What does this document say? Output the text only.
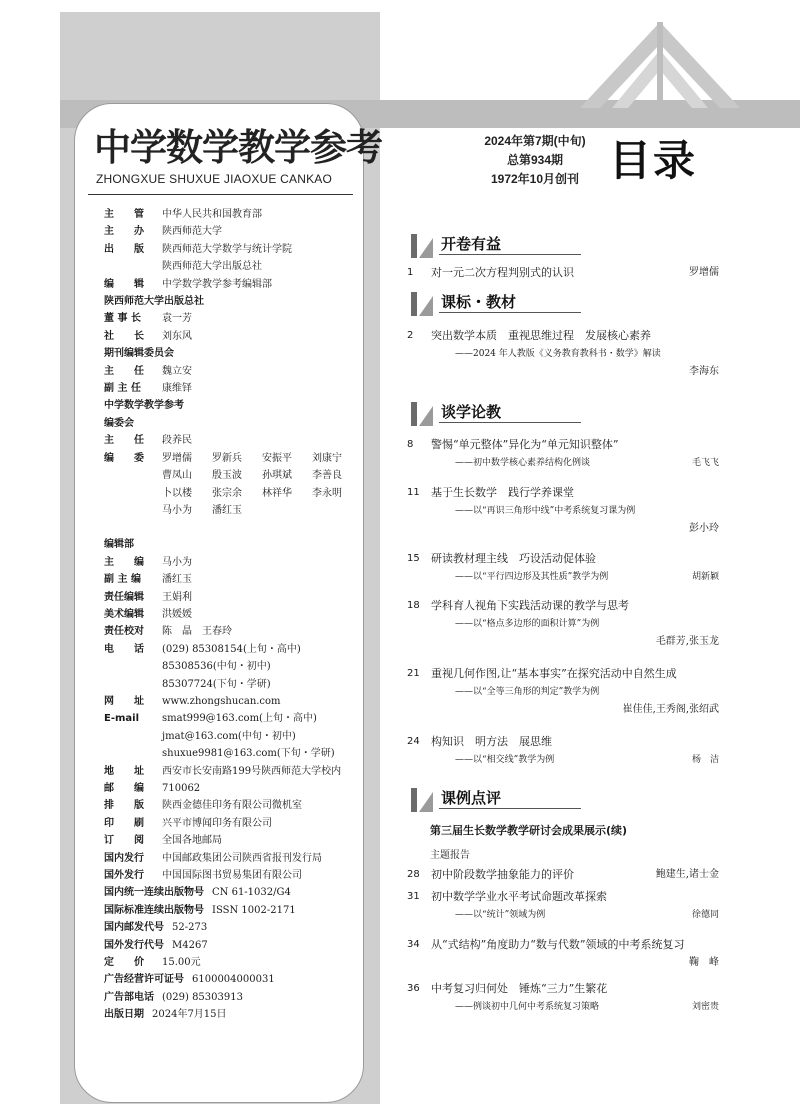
中学数学教学参考
ZHONGXUE SHUXUE JIAOXUE CANKAO
2024年第7期(中旬)
总第934期
1972年10月创刊 目录
主　　管	中华人民共和国教育部
主　　办	陕西师范大学
出　　版	陕西师范大学数学与统计学院
陕西师范大学出版总社
编　　辑	中学数学教学参考编辑部
陕西师范大学出版总社
董 事 长	袁一芳
社　　长	刘东风
期刊编辑委员会
主　　任	魏立安
副 主 任	康维铎
中学数学教学参考
编委会
主　　任	段养民
编　　委	罗增儒	罗新兵	安振平	刘康宁
曹凤山	殷玉波	孙琪斌	李善良
卜以楼	张宗余	林祥华	李永明
马小为	潘红玉
编辑部
主　　编	马小为
副 主 编	潘红玉
责任编辑	王娟利
美术编辑	洪媛媛
责任校对	陈　晶　王春玲
电　　话	(029) 85308154(上旬・高中)
85308536(中旬・初中)
85307724(下旬・学研)
网　　址	www.zhongshucan.com
E-mail	smat999@163.com(上旬・高中)
jmat@163.com(中旬・初中)
shuxue9981@163.com(下旬・学研)
地　　址	西安市长安南路199号陕西师范大学校内
邮　　编	710062
排　　版	陕西金德佳印务有限公司微机室
印　　刷	兴平市博闻印务有限公司
订　　阅	全国各地邮局
国内发行	中国邮政集团公司陕西省报刊发行局
国外发行	中国国际图书贸易集团有限公司
国内统一连续出版物号 CN 61-1032/G4
国际标准连续出版物号 ISSN 1002-2171
国内邮发代号 52-273
国外发行代号 M4267
定　　价	15.00元
广告经营许可证号 6100004000031
广告部电话 (029) 85303913
出版日期 2024年7月15日
开卷有益
1	对一元二次方程判别式的认识	罗增儒
课标・教材
2	突出数学本质　重视思维过程　发展核心素养
——2024 年人教版《义务教育教科书・数学》解读
李海东
谈学论教
8	警惕“单元整体”异化为“单元知识整体”
——初中数学核心素养结构化例谈	毛飞飞
11	基于生长数学　践行学养课堂
——以“再识三角形中线”中考系统复习课为例
彭小玲
15	研读教材理主线　巧设活动促体验
——以“平行四边形及其性质”教学为例	胡新颖
18	学科育人视角下实践活动课的教学与思考
——以“格点多边形的面积计算”为例
毛群芳,张玉龙
21	重视几何作图,让“基本事实”在探究活动中自然生成
——以“全等三角形的判定”教学为例
崔佳佳,王秀阁,张绍武
24	构知识　明方法　展思维
——以“相交线”教学为例	杨　洁
课例点评
第三届生长数学教学研讨会成果展示(续)
主题报告
28	初中阶段数学抽象能力的评价	鲍建生,诸士金
31	初中数学学业水平考试命题改革探索
——以“统计”领域为例	徐德同
34	从“式结构”角度助力“数与代数”领域的中考系统复习
鞠　峰
36	中考复习归何处　锤炼“三力”生繁花
——例谈初中几何中考系统复习策略	刘密贵
